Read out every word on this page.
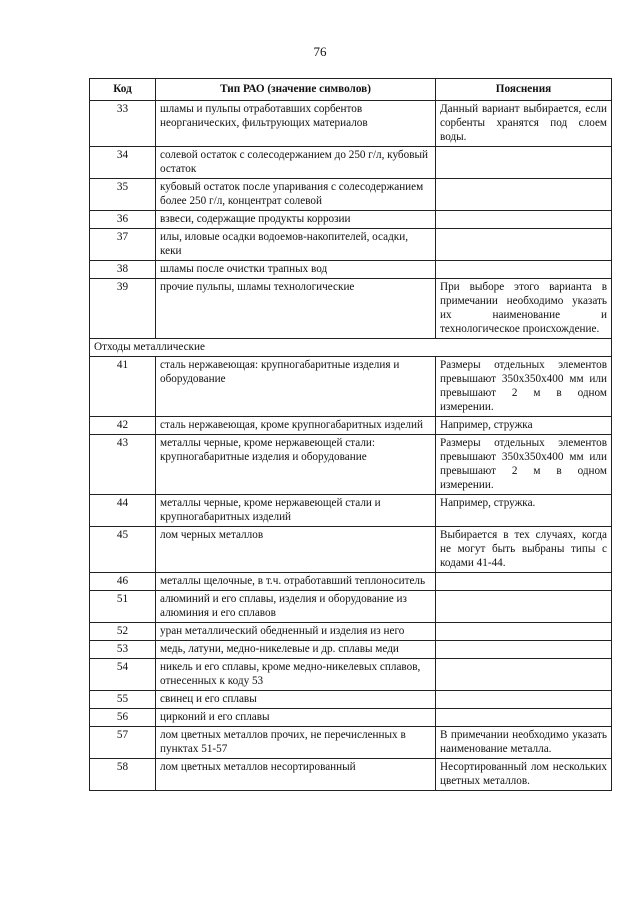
76
Код	Тип РАО (значение символов)	Пояснения
33	шламы и пульпы отработавших сорбентов неорганических, фильтрующих материалов	Данный вариант выбирается, если сорбенты хранятся под слоем воды.
34	солевой остаток с солесодержанием до 250 г/л, кубовый остаток	
35	кубовый остаток после упаривания с солесодержанием более 250 г/л, концентрат солевой	
36	взвеси, содержащие продукты коррозии	
37	илы, иловые осадки водоемов-накопителей, осадки, кеки	
38	шламы после очистки трапных вод	
39	прочие пульпы, шламы технологические	При выборе этого варианта в примечании необходимо указать их наименование и технологическое происхождение.
Отходы металлические		
41	сталь нержавеющая: крупногабаритные изделия и оборудование	Размеры отдельных элементов превышают 350х350х400 мм или превышают 2 м в одном измерении.
42	сталь нержавеющая, кроме крупногабаритных изделий	Например, стружка
43	металлы черные, кроме нержавеющей стали: крупногабаритные изделия и оборудование	Размеры отдельных элементов превышают 350х350х400 мм или превышают 2 м в одном измерении.
44	металлы черные, кроме нержавеющей стали и крупногабаритных изделий	Например, стружка.
45	лом черных металлов	Выбирается в тех случаях, когда не могут быть выбраны типы с кодами 41-44.
46	металлы щелочные, в т.ч. отработавший теплоноситель	
51	алюминий и его сплавы, изделия и оборудование из алюминия и его сплавов	
52	уран металлический обедненный и изделия из него	
53	медь, латуни, медно-никелевые и др. сплавы меди	
54	никель и его сплавы, кроме медно-никелевых сплавов, отнесенных к коду 53	
55	свинец и его сплавы	
56	цирконий и его сплавы	
57	лом цветных металлов прочих, не перечисленных в пунктах 51-57	В примечании необходимо указать наименование металла.
58	лом цветных металлов несортированный	Несортированный лом нескольких цветных металлов.
